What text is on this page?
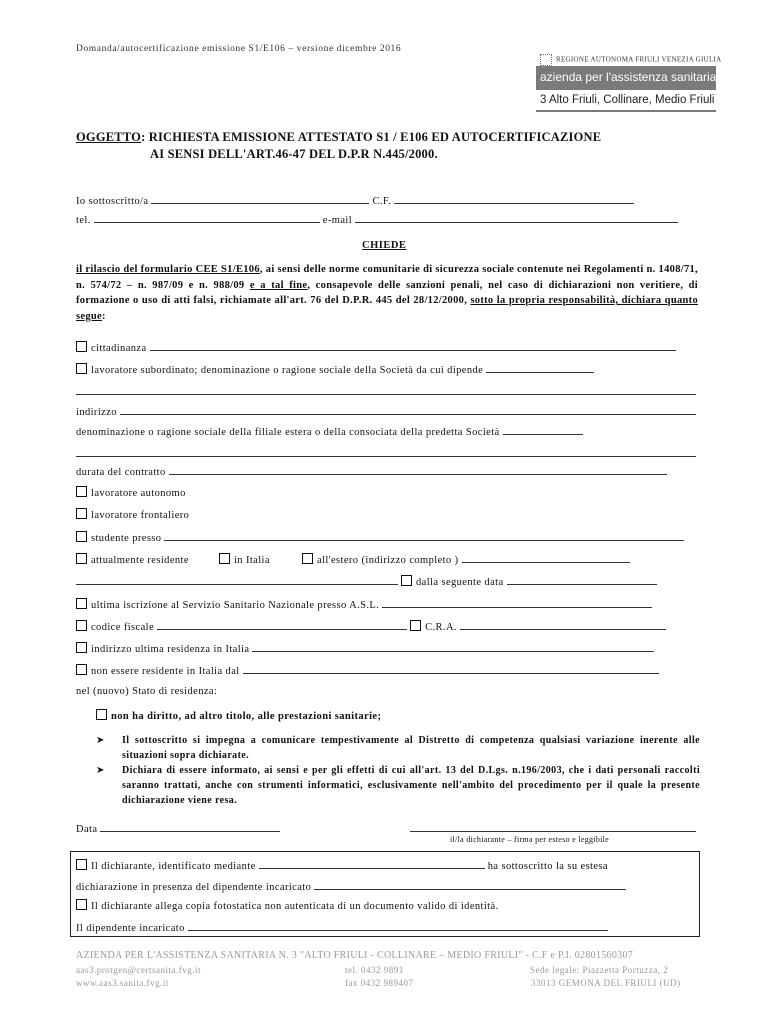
Domanda/autocertificazione emissione S1/E106 – versione dicembre 2016
REGIONE AUTONOMA FRIULI VENEZIA GIULIA
azienda per l'assistenza sanitaria
3 Alto Friuli, Collinare, Medio Friuli
OGGETTO: RICHIESTA EMISSIONE ATTESTATO S1 / E106 ED AUTOCERTIFICAZIONE
AI SENSI DELL'ART.46-47 DEL D.P.R N.445/2000.
Io sottoscritto/a	C.F.
tel.	e-mail
CHIEDE
il rilascio del formulario CEE S1/E106, ai sensi delle norme comunitarie di sicurezza sociale contenute nei Regolamenti n. 1408/71, n. 574/72 – n. 987/09 e n. 988/09 e a tal fine, consapevole delle sanzioni penali, nel caso di dichiarazioni non veritiere, di formazione o uso di atti falsi, richiamate all'art. 76 del D.P.R. 445 del 28/12/2000, sotto la propria responsabilità, dichiara quanto segue:
cittadinanza
lavoratore subordinato; denominazione o ragione sociale della Società da cui dipende
indirizzo
denominazione o ragione sociale della filiale estera o della consociata della predetta Società
durata del contratto
lavoratore autonomo
lavoratore frontaliero
studente presso
attualmente residente	in Italia	all'estero (indirizzo completo )
dalla seguente data
ultima iscrizione al Servizio Sanitario Nazionale presso A.S.L.
codice fiscale	C.R.A.
indirizzo ultima residenza in Italia
non essere residente in Italia dal
nel (nuovo) Stato di residenza:
non ha diritto, ad altro titolo, alle prestazioni sanitarie;
➤ Il sottoscritto si impegna a comunicare tempestivamente al Distretto di competenza qualsiasi variazione inerente alle situazioni sopra dichiarate.
➤ Dichiara di essere informato, ai sensi e per gli effetti di cui all'art. 13 del D.Lgs. n.196/2003, che i dati personali raccolti saranno trattati, anche con strumenti informatici, esclusivamente nell'ambito del procedimento per il quale la presente dichiarazione viene resa.
Data
il/la dichiarante – firma per esteso e leggibile
Il dichiarante, identificato mediante	ha sottoscritto la su estesa
dichiarazione in presenza del dipendente incaricato
Il dichiarante allega copia fotostatica non autenticata di un documento valido di identità.
Il dipendente incaricato
AZIENDA PER L'ASSISTENZA SANITARIA N. 3 "ALTO FRIULI - COLLINARE – MEDIO FRIULI" - C.F e P.I. 02801560307
aas3.protgen@certsanita.fvg.it
www.aas3.sanita.fvg.it
tel. 0432 9891
fax 0432 989407
Sede legale: Piazzetta Portuzza, 2
33013 GEMONA DEL FRIULI (UD)
